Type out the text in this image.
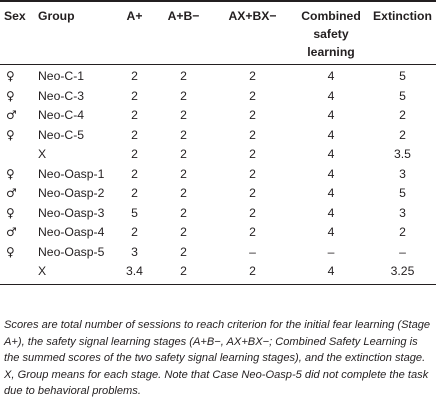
Sex	Group	A+	A+B−	AX+BX−	Combined
safety
learning	Extinction
♀	Neo-C-1	2	2	2	4	5
♀	Neo-C-3	2	2	2	4	5
♂	Neo-C-4	2	2	2	4	2
♀	Neo-C-5	2	2	2	4	2
	X	2	2	2	4	3.5
♀	Neo-Oasp-1	2	2	2	4	3
♂	Neo-Oasp-2	2	2	2	4	5
♀	Neo-Oasp-3	5	2	2	4	3
♂	Neo-Oasp-4	2	2	2	4	2
♀	Neo-Oasp-5	3	2	–	–	–
	X	3.4	2	2	4	3.25
Scores are total number of sessions to reach criterion for the initial fear learning (Stage A+), the safety signal learning stages (A+B−, AX+BX−; Combined Safety Learning is the summed scores of the two safety signal learning stages), and the extinction stage. X, Group means for each stage. Note that Case Neo-Oasp-5 did not complete the task due to behavioral problems.
